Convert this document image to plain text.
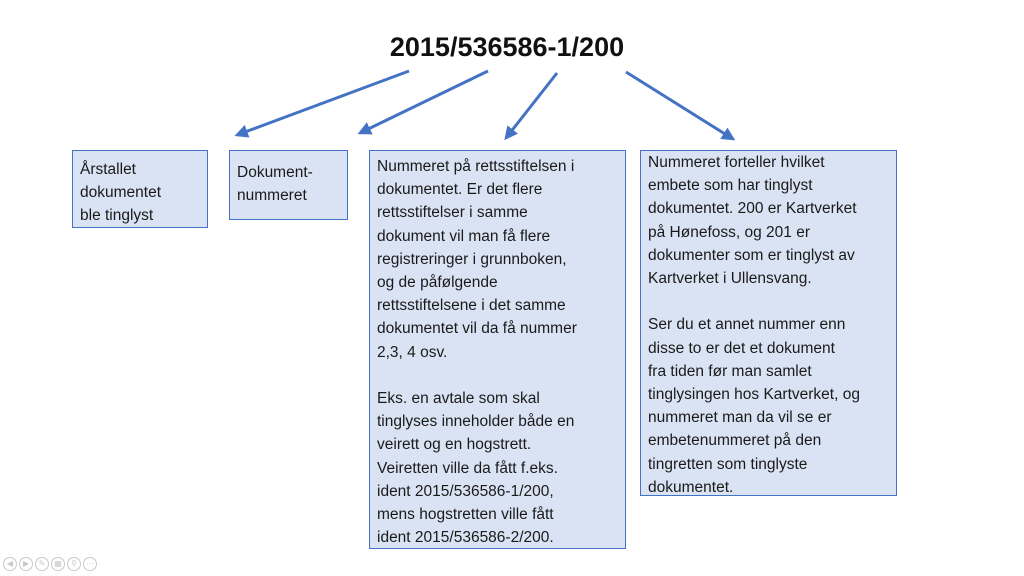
2015/536586-1/200
Årstallet
dokumentet
ble tinglyst
Dokument-
nummeret
Nummeret på rettsstiftelsen i
dokumentet. Er det flere
rettsstiftelser i samme
dokument vil man få flere
registreringer i grunnboken,
og de påfølgende
rettsstiftelsene i det samme
dokumentet vil da få nummer
2,3, 4 osv.

Eks. en avtale som skal
tinglyses inneholder både en
veirett og en hogstrett.
Veiretten ville da fått f.eks.
ident 2015/536586-1/200,
mens hogstretten ville fått
ident 2015/536586-2/200.
Nummeret forteller hvilket
embete som har tinglyst
dokumentet. 200 er Kartverket
på Hønefoss, og 201 er
dokumenter som er tinglyst av
Kartverket i Ullensvang.

Ser du et annet nummer enn
disse to er det et dokument
fra tiden før man samlet
tinglysingen hos Kartverket, og
nummeret man da vil se er
embetenummeret på den
tingretten som tinglyste
dokumentet.
◀	▶	✎	▦	⚲	⋯
